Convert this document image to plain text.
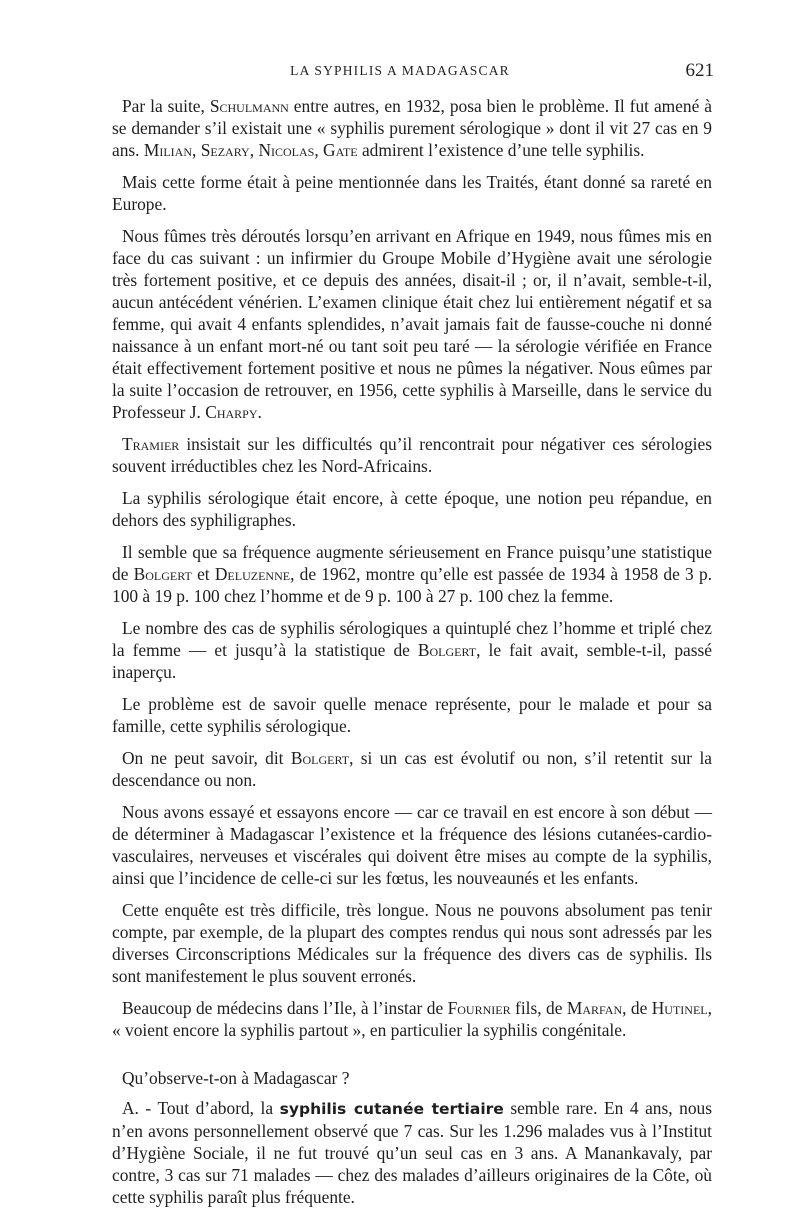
LA SYPHILIS A MADAGASCAR	621

Par la suite, Schulmann entre autres, en 1932, posa bien le problème. Il fut amené à se demander s’il existait une « syphilis purement sérologique » dont il vit 27 cas en 9 ans. Milian, Sezary, Nicolas, Gate admirent l’existence d’une telle syphilis.

Mais cette forme était à peine mentionnée dans les Traités, étant donné sa rareté en Europe.

Nous fûmes très déroutés lorsqu’en arrivant en Afrique en 1949, nous fûmes mis en face du cas suivant : un infirmier du Groupe Mobile d’Hygiène avait une sérologie très fortement positive, et ce depuis des années, disait-il ; or, il n’avait, semble-t-il, aucun antécédent vénérien. L’examen clinique était chez lui entièrement négatif et sa femme, qui avait 4 enfants splendides, n’avait jamais fait de fausse-couche ni donné naissance à un enfant mort-né ou tant soit peu taré — la sérologie vérifiée en France était effectivement fortement positive et nous ne pûmes la négativer. Nous eûmes par la suite l’occasion de retrouver, en 1956, cette syphilis à Marseille, dans le service du Professeur J. Charpy.

Tramier insistait sur les difficultés qu’il rencontrait pour négativer ces sérologies souvent irréductibles chez les Nord-Africains.

La syphilis sérologique était encore, à cette époque, une notion peu répandue, en dehors des syphiligraphes.

Il semble que sa fréquence augmente sérieusement en France puisqu’une statistique de Bolgert et Deluzenne, de 1962, montre qu’elle est passée de 1934 à 1958 de 3 p. 100 à 19 p. 100 chez l’homme et de 9 p. 100 à 27 p. 100 chez la femme.

Le nombre des cas de syphilis sérologiques a quintuplé chez l’homme et triplé chez la femme — et jusqu’à la statistique de Bolgert, le fait avait, semble-t-il, passé inaperçu.

Le problème est de savoir quelle menace représente, pour le malade et pour sa famille, cette syphilis sérologique.

On ne peut savoir, dit Bolgert, si un cas est évolutif ou non, s’il retentit sur la descendance ou non.

Nous avons essayé et essayons encore — car ce travail en est encore à son début — de déterminer à Madagascar l’existence et la fréquence des lésions cutanées-cardio-vasculaires, nerveuses et viscérales qui doivent être mises au compte de la syphilis, ainsi que l’incidence de celle-ci sur les fœtus, les nouveaunés et les enfants.

Cette enquête est très difficile, très longue. Nous ne pouvons absolument pas tenir compte, par exemple, de la plupart des comptes rendus qui nous sont adressés par les diverses Circonscriptions Médicales sur la fréquence des divers cas de syphilis. Ils sont manifestement le plus souvent erronés.

Beaucoup de médecins dans l’Ile, à l’instar de Fournier fils, de Marfan, de Hutinel, « voient encore la syphilis partout », en particulier la syphilis congénitale.

Qu’observe-t-on à Madagascar ?

A. - Tout d’abord, la syphilis cutanée tertiaire semble rare. En 4 ans, nous n’en avons personnellement observé que 7 cas. Sur les 1.296 malades vus à l’Institut d’Hygiène Sociale, il ne fut trouvé qu’un seul cas en 3 ans. A Manankavaly, par contre, 3 cas sur 71 malades — chez des malades d’ailleurs originaires de la Côte, où cette syphilis paraît plus fréquente.
